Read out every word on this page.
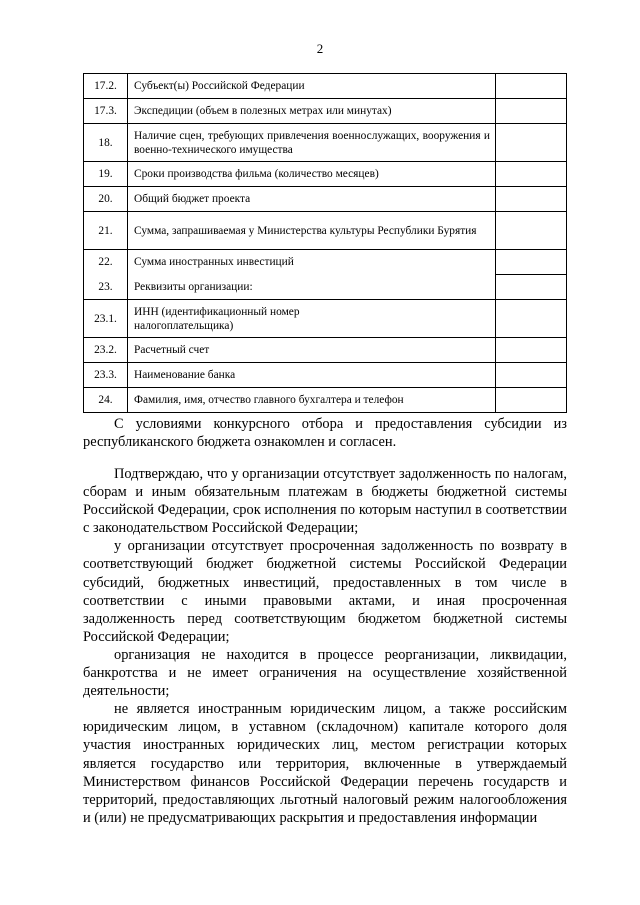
2
17.2.	Субъект(ы) Российской Федерации	
17.3.	Экспедиции (объем в полезных метрах или минутах)	
18.	Наличие сцен, требующих привлечения военнослужащих, вооружения и военно-технического имущества	
19.	Сроки производства фильма (количество месяцев)	
20.	Общий бюджет проекта	
21.	Сумма, запрашиваемая у Министерства культуры Республики Бурятия	
22.	Сумма иностранных инвестиций	
23.	Реквизиты организации:	
23.1.	ИНН (идентификационный номер налогоплательщика)	
23.2.	Расчетный счет	
23.3.	Наименование банка	
24.	Фамилия, имя, отчество главного бухгалтера и телефон	

С условиями конкурсного отбора и предоставления субсидии из республиканского бюджета ознакомлен и согласен.

Подтверждаю, что у организации отсутствует задолженность по налогам, сборам и иным обязательным платежам в бюджеты бюджетной системы Российской Федерации, срок исполнения по которым наступил в соответствии с законодательством Российской Федерации;

у организации отсутствует просроченная задолженность по возврату в соответствующий бюджет бюджетной системы Российской Федерации субсидий, бюджетных инвестиций, предоставленных в том числе в соответствии с иными правовыми актами, и иная просроченная задолженность перед соответствующим бюджетом бюджетной системы Российской Федерации;

организация не находится в процессе реорганизации, ликвидации, банкротства и не имеет ограничения на осуществление хозяйственной деятельности;

не является иностранным юридическим лицом, а также российским юридическим лицом, в уставном (складочном) капитале которого доля участия иностранных юридических лиц, местом регистрации которых является государство или территория, включенные в утверждаемый Министерством финансов Российской Федерации перечень государств и территорий, предоставляющих льготный налоговый режим налогообложения и (или) не предусматривающих раскрытия и предоставления информации
